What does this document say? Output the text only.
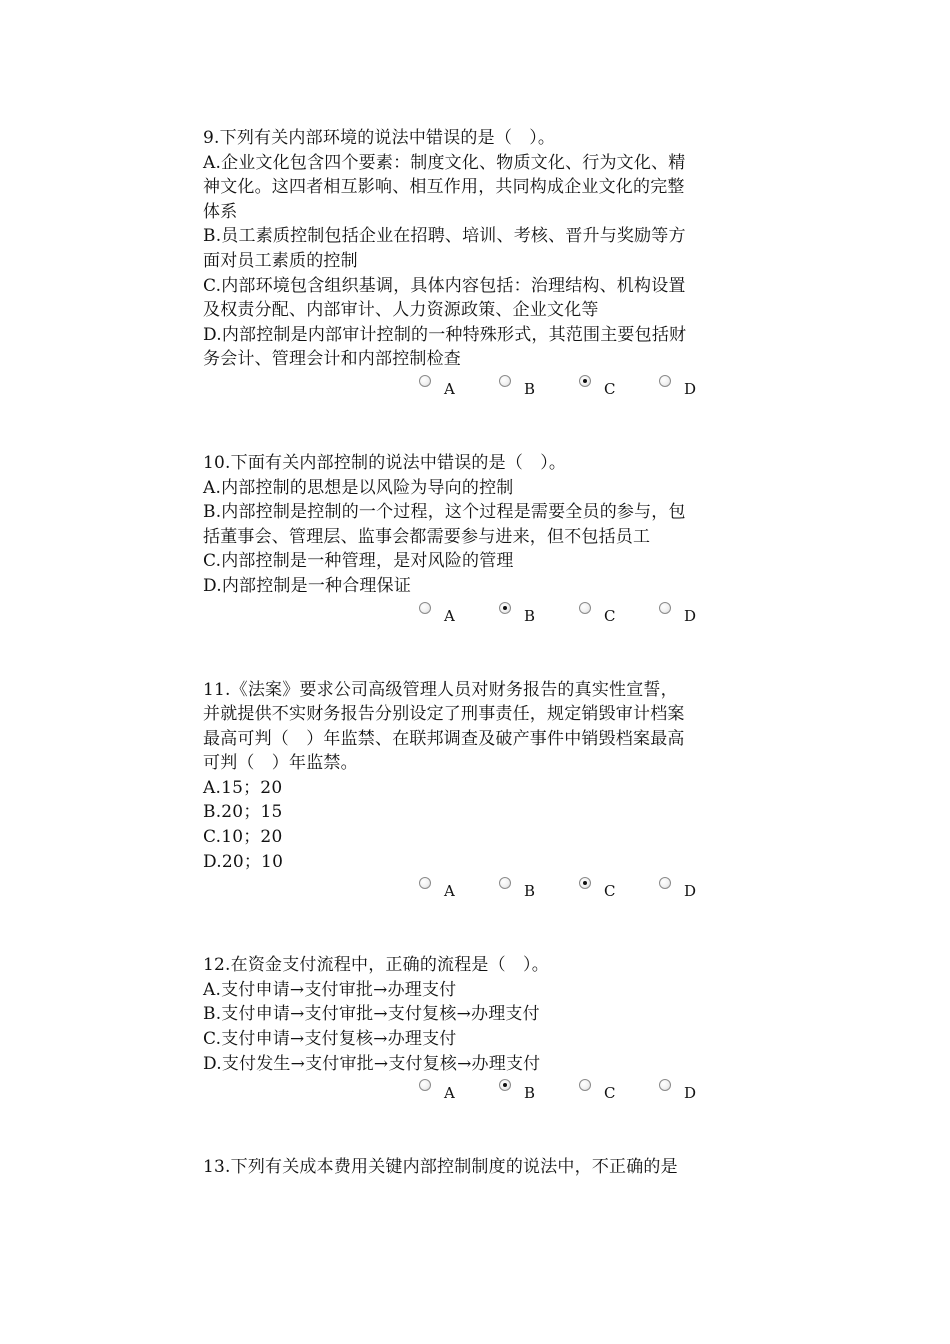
9.下列有关内部环境的说法中错误的是（　）。
A.企业文化包含四个要素：制度文化、物质文化、行为文化、精
神文化。这四者相互影响、相互作用，共同构成企业文化的完整
体系
B.员工素质控制包括企业在招聘、培训、考核、晋升与奖励等方
面对员工素质的控制
C.内部环境包含组织基调，具体内容包括：治理结构、机构设置
及权责分配、内部审计、人力资源政策、企业文化等
D.内部控制是内部审计控制的一种特殊形式，其范围主要包括财
务会计、管理会计和内部控制检查
A	B	C	D
10.下面有关内部控制的说法中错误的是（　）。
A.内部控制的思想是以风险为导向的控制
B.内部控制是控制的一个过程，这个过程是需要全员的参与，包
括董事会、管理层、监事会都需要参与进来，但不包括员工
C.内部控制是一种管理，是对风险的管理
D.内部控制是一种合理保证
A	B	C	D
11.《法案》要求公司高级管理人员对财务报告的真实性宣誓，
并就提供不实财务报告分别设定了刑事责任，规定销毁审计档案
最高可判（　）年监禁、在联邦调查及破产事件中销毁档案最高
可判（　）年监禁。
A.15；20
B.20；15
C.10；20
D.20；10
A	B	C	D
12.在资金支付流程中，正确的流程是（　）。
A.支付申请→支付审批→办理支付
B.支付申请→支付审批→支付复核→办理支付
C.支付申请→支付复核→办理支付
D.支付发生→支付审批→支付复核→办理支付
A	B	C	D
13.下列有关成本费用关键内部控制制度的说法中，不正确的是
